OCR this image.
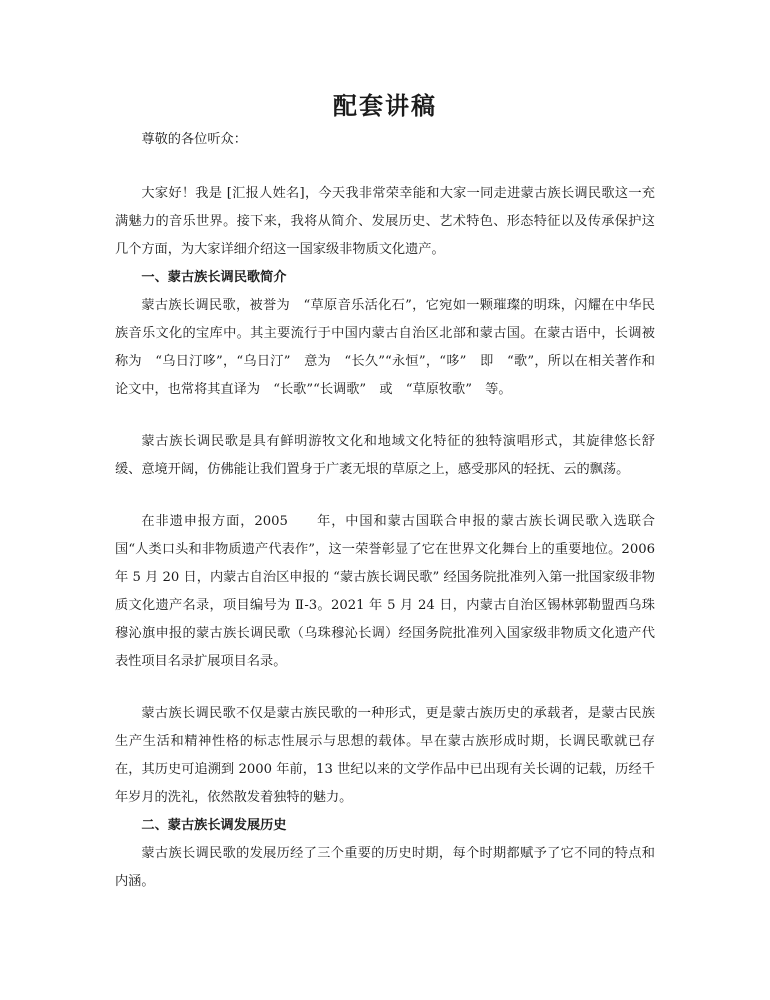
配套讲稿

尊敬的各位听众：

大家好！我是 [汇报人姓名]，今天我非常荣幸能和大家一同走进蒙古族长调民歌这一充满魅力的音乐世界。接下来，我将从简介、发展历史、艺术特色、形态特征以及传承保护这几个方面，为大家详细介绍这一国家级非物质文化遗产。

一、蒙古族长调民歌简介

蒙古族长调民歌，被誉为　“草原音乐活化石”，它宛如一颗璀璨的明珠，闪耀在中华民族音乐文化的宝库中。其主要流行于中国内蒙古自治区北部和蒙古国。在蒙古语中，长调被称为　“乌日汀哆”，“乌日汀”　意为　“长久”“永恒”，“哆”　即　“歌”，所以在相关著作和论文中，也常将其直译为　“长歌”“长调歌”　或　“草原牧歌”　等。

蒙古族长调民歌是具有鲜明游牧文化和地域文化特征的独特演唱形式，其旋律悠长舒缓、意境开阔，仿佛能让我们置身于广袤无垠的草原之上，感受那风的轻抚、云的飘荡。

在非遗申报方面，2005　　年，中国和蒙古国联合申报的蒙古族长调民歌入选联合国“人类口头和非物质遗产代表作”，这一荣誉彰显了它在世界文化舞台上的重要地位。2006 年 5 月 20 日，内蒙古自治区申报的 “蒙古族长调民歌” 经国务院批准列入第一批国家级非物质文化遗产名录，项目编号为 Ⅱ-3。2021 年 5 月 24 日，内蒙古自治区锡林郭勒盟西乌珠穆沁旗申报的蒙古族长调民歌（乌珠穆沁长调）经国务院批准列入国家级非物质文化遗产代表性项目名录扩展项目名录。

蒙古族长调民歌不仅是蒙古族民歌的一种形式，更是蒙古族历史的承载者，是蒙古民族生产生活和精神性格的标志性展示与思想的载体。早在蒙古族形成时期，长调民歌就已存在，其历史可追溯到 2000 年前，13 世纪以来的文学作品中已出现有关长调的记载，历经千年岁月的洗礼，依然散发着独特的魅力。

二、蒙古族长调发展历史

蒙古族长调民歌的发展历经了三个重要的历史时期，每个时期都赋予了它不同的特点和内涵。
